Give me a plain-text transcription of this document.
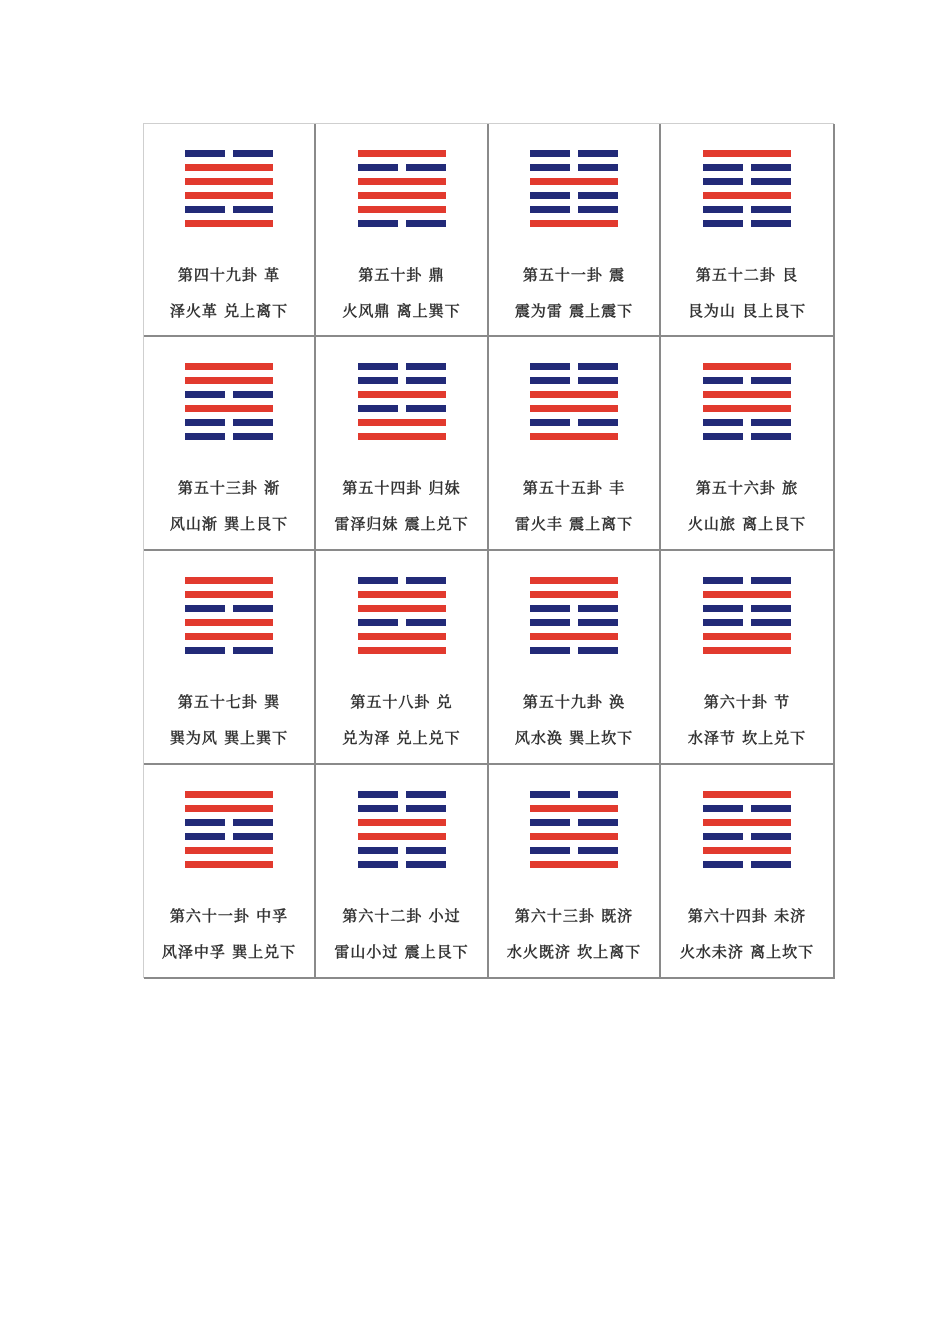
第四十九卦 革
泽火革 兑上离下
第五十卦 鼎
火风鼎 离上巽下
第五十一卦 震
震为雷 震上震下
第五十二卦 艮
艮为山 艮上艮下
第五十三卦 渐
风山渐 巽上艮下
第五十四卦 归妹
雷泽归妹 震上兑下
第五十五卦 丰
雷火丰 震上离下
第五十六卦 旅
火山旅 离上艮下
第五十七卦 巽
巽为风 巽上巽下
第五十八卦 兑
兑为泽 兑上兑下
第五十九卦 涣
风水涣 巽上坎下
第六十卦 节
水泽节 坎上兑下
第六十一卦 中孚
风泽中孚 巽上兑下
第六十二卦 小过
雷山小过 震上艮下
第六十三卦 既济
水火既济 坎上离下
第六十四卦 未济
火水未济 离上坎下
